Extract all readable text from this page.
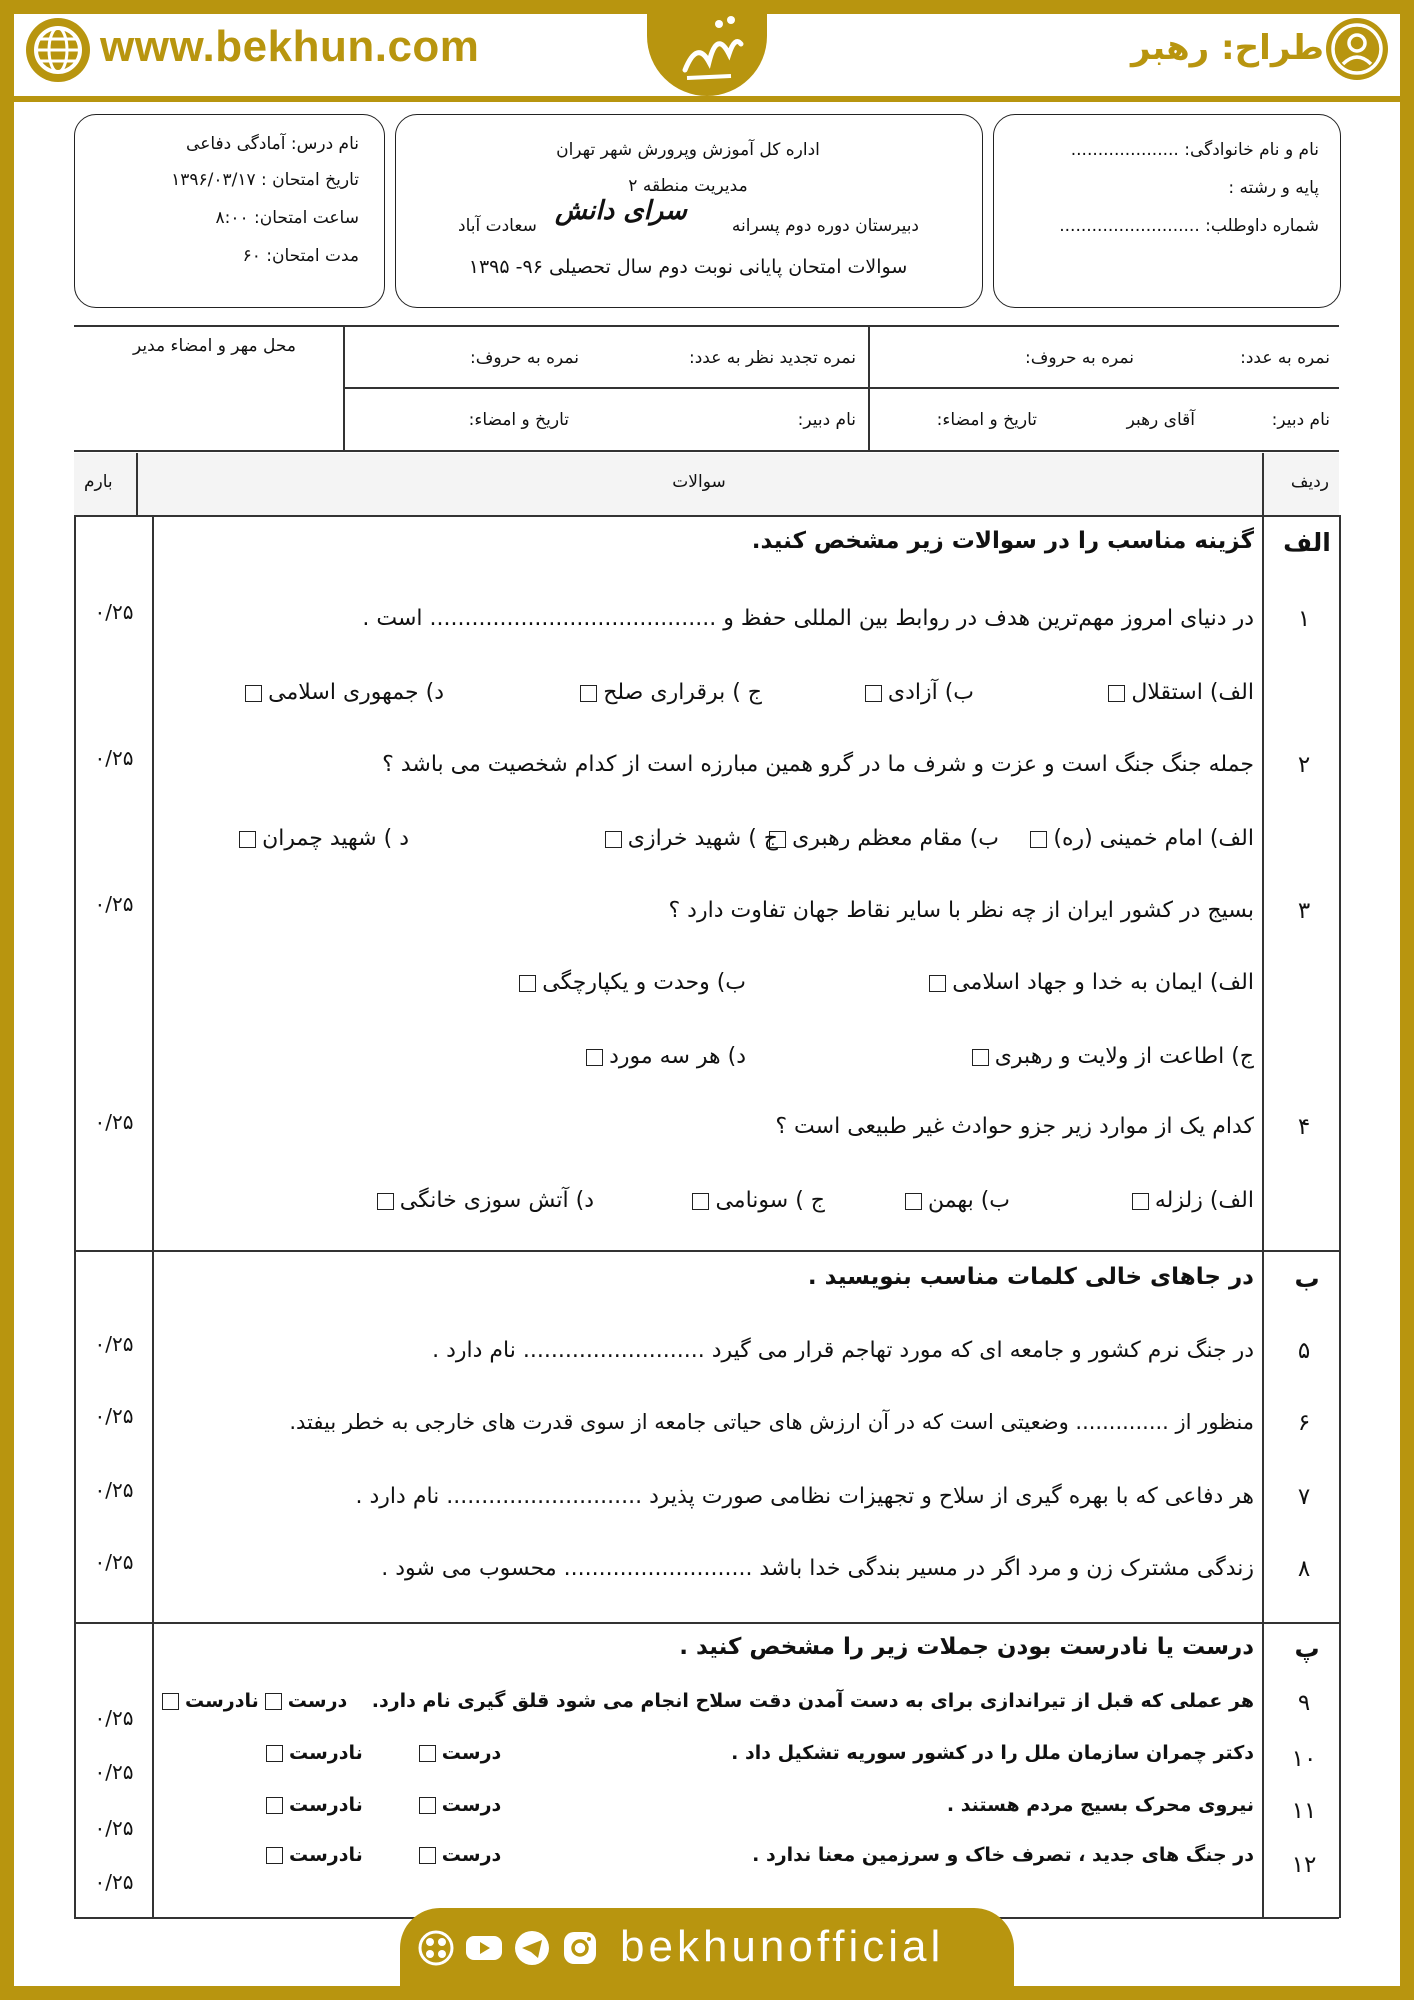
www.bekhun.com	طراح: رهبر
نام و نام خانوادگی: ....................
پایه و رشته :
شماره داوطلب: ..........................
اداره کل آموزش وپرورش شهر تهران
مدیریت منطقه ۲
دبیرستان دوره دوم پسرانه
سرای دانش
سعادت آباد
سوالات امتحان پایانی نوبت دوم سال تحصیلی ۹۶- ۱۳۹۵
نام درس: آمادگی دفاعی
تاریخ امتحان : ۱۳۹۶/۰۳/۱۷
ساعت امتحان: ۸:۰۰
مدت امتحان: ۶۰
نمره به عدد:
نمره به حروف:
نمره تجدید نظر به عدد:
نمره به حروف:
محل مهر و امضاء مدیر
نام دبیر:
آقای رهبر
تاریخ و امضاء:
نام دبیر:
تاریخ و امضاء:
ردیف
سوالات
بارم
الف
گزینه مناسب را در سوالات زیر مشخص کنید.
۱
در دنیای امروز مهم‌ترین هدف در روابط بین المللی حفظ و ......................................... است .
۰/۲۵
الف) استقلال
ب) آزادی
ج ) برقراری صلح
د) جمهوری اسلامی
۲
جمله جنگ جنگ است و عزت و شرف ما در گرو همین مبارزه است از کدام شخصیت می باشد ؟
۰/۲۵
الف) امام خمینی (ره)
ب) مقام معظم رهبری
ج ) شهید خرازی
د ) شهید چمران
۳
بسیج در کشور ایران از چه نظر با سایر نقاط جهان تفاوت دارد ؟
۰/۲۵
الف) ایمان به خدا و جهاد اسلامی
ب) وحدت و یکپارچگی
ج) اطاعت از ولایت و رهبری
د) هر سه مورد
۴
کدام یک از موارد زیر جزو حوادث غیر طبیعی است ؟
۰/۲۵
الف) زلزله
ب) بهمن
ج ) سونامی
د) آتش سوزی خانگی
ب
در جاهای خالی کلمات مناسب بنویسید .
۵
در جنگ نرم کشور و جامعه ای که مورد تهاجم قرار می گیرد .......................... نام دارد .
۰/۲۵
۶
منظور از .............. وضعیتی است که در آن ارزش های حیاتی جامعه از سوی قدرت های خارجی به خطر بیفتد.
۰/۲۵
۷
هر دفاعی که با بهره گیری از سلاح و تجهیزات نظامی صورت پذیرد ............................ نام دارد .
۰/۲۵
۸
زندگی مشترک زن و مرد اگر در مسیر بندگی خدا باشد ........................... محسوب می شود .
۰/۲۵
پ
درست یا نادرست بودن جملات زیر را مشخص کنید .
۹
هر عملی که قبل از تیراندازی برای به دست آمدن دقت سلاح انجام می شود قلق گیری نام دارد.
درستنادرست
۰/۲۵
۱۰
دکتر چمران سازمان ملل را در کشور سوریه تشکیل داد .
درستنادرست
۰/۲۵
۱۱
نیروی محرک بسیج مردم هستند .
درستنادرست
۰/۲۵
۱۲
در جنگ های جدید ، تصرف خاک و سرزمین معنا ندارد .
درستنادرست
۰/۲۵
bekhunofficial
